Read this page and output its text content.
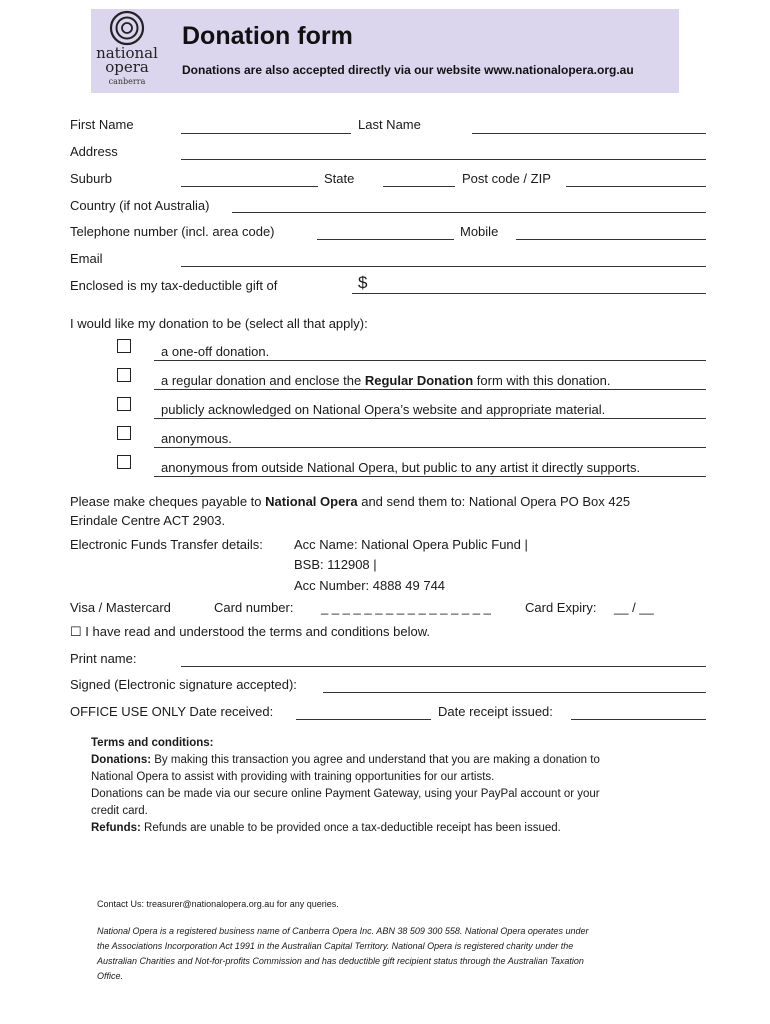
national
opera
canberra
Donation form
Donations are also accepted directly via our website www.nationalopera.org.au
First Name	Last Name
Address
Suburb	State	Post code / ZIP
Country (if not Australia)
Telephone number (incl. area code)	Mobile
Email
Enclosed is my tax-deductible gift of	$
I would like my donation to be (select all that apply):
a one-off donation.
a regular donation and enclose the Regular Donation form with this donation.
publicly acknowledged on National Opera’s website and appropriate material.
anonymous.
anonymous from outside National Opera, but public to any artist it directly supports.
Please make cheques payable to National Opera and send them to: National Opera PO Box 425
Erindale Centre ACT 2903.
Electronic Funds Transfer details: Acc Name: National Opera Public Fund |
BSB: 112908 |
Acc Number: 4888 49 744
Visa / Mastercard	Card number: _ _ _ _ _ _ _ _ _ _ _ _ _ _ _ _	Card Expiry: __ / __
☐ I have read and understood the terms and conditions below.
Print name:
Signed (Electronic signature accepted):
OFFICE USE ONLY Date received:	Date receipt issued:
Terms and conditions:
Donations: By making this transaction you agree and understand that you are making a donation to
National Opera to assist with providing with training opportunities for our artists.
Donations can be made via our secure online Payment Gateway, using your PayPal account or your
credit card.
Refunds: Refunds are unable to be provided once a tax-deductible receipt has been issued.
Contact Us: treasurer@nationalopera.org.au for any queries.
National Opera is a registered business name of Canberra Opera Inc. ABN 38 509 300 558. National Opera operates under
the Associations Incorporation Act 1991 in the Australian Capital Territory. National Opera is registered charity under the
Australian Charities and Not-for-profits Commission and has deductible gift recipient status through the Australian Taxation
Office.
